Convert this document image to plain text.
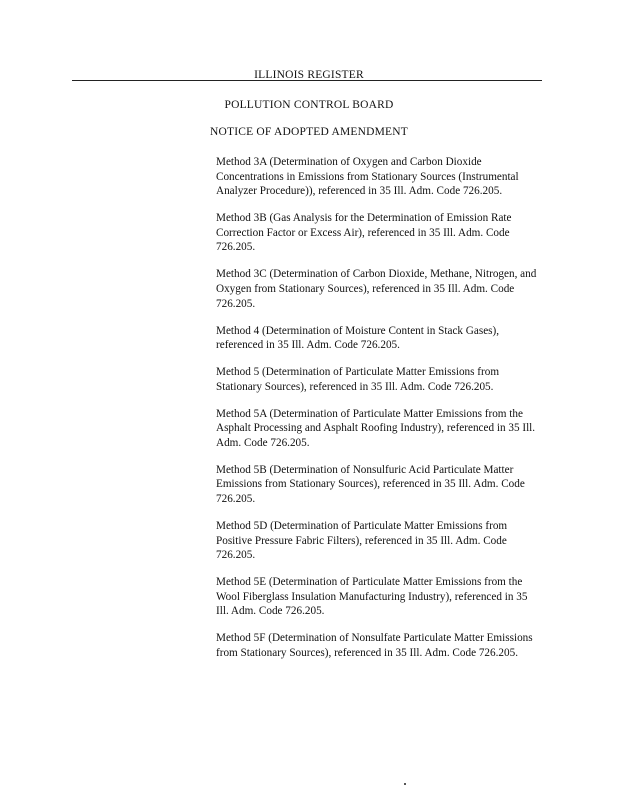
ILLINOIS REGISTER
POLLUTION CONTROL BOARD
NOTICE OF ADOPTED AMENDMENT
Method 3A (Determination of Oxygen and Carbon Dioxide Concentrations in Emissions from Stationary Sources (Instrumental Analyzer Procedure)), referenced in 35 Ill. Adm. Code 726.205.
Method 3B (Gas Analysis for the Determination of Emission Rate Correction Factor or Excess Air), referenced in 35 Ill. Adm. Code 726.205.
Method 3C (Determination of Carbon Dioxide, Methane, Nitrogen, and Oxygen from Stationary Sources), referenced in 35 Ill. Adm. Code 726.205.
Method 4 (Determination of Moisture Content in Stack Gases), referenced in 35 Ill. Adm. Code 726.205.
Method 5 (Determination of Particulate Matter Emissions from Stationary Sources), referenced in 35 Ill. Adm. Code 726.205.
Method 5A (Determination of Particulate Matter Emissions from the Asphalt Processing and Asphalt Roofing Industry), referenced in 35 Ill. Adm. Code 726.205.
Method 5B (Determination of Nonsulfuric Acid Particulate Matter Emissions from Stationary Sources), referenced in 35 Ill. Adm. Code 726.205.
Method 5D (Determination of Particulate Matter Emissions from Positive Pressure Fabric Filters), referenced in 35 Ill. Adm. Code 726.205.
Method 5E (Determination of Particulate Matter Emissions from the Wool Fiberglass Insulation Manufacturing Industry), referenced in 35 Ill. Adm. Code 726.205.
Method 5F (Determination of Nonsulfate Particulate Matter Emissions from Stationary Sources), referenced in 35 Ill. Adm. Code 726.205.
